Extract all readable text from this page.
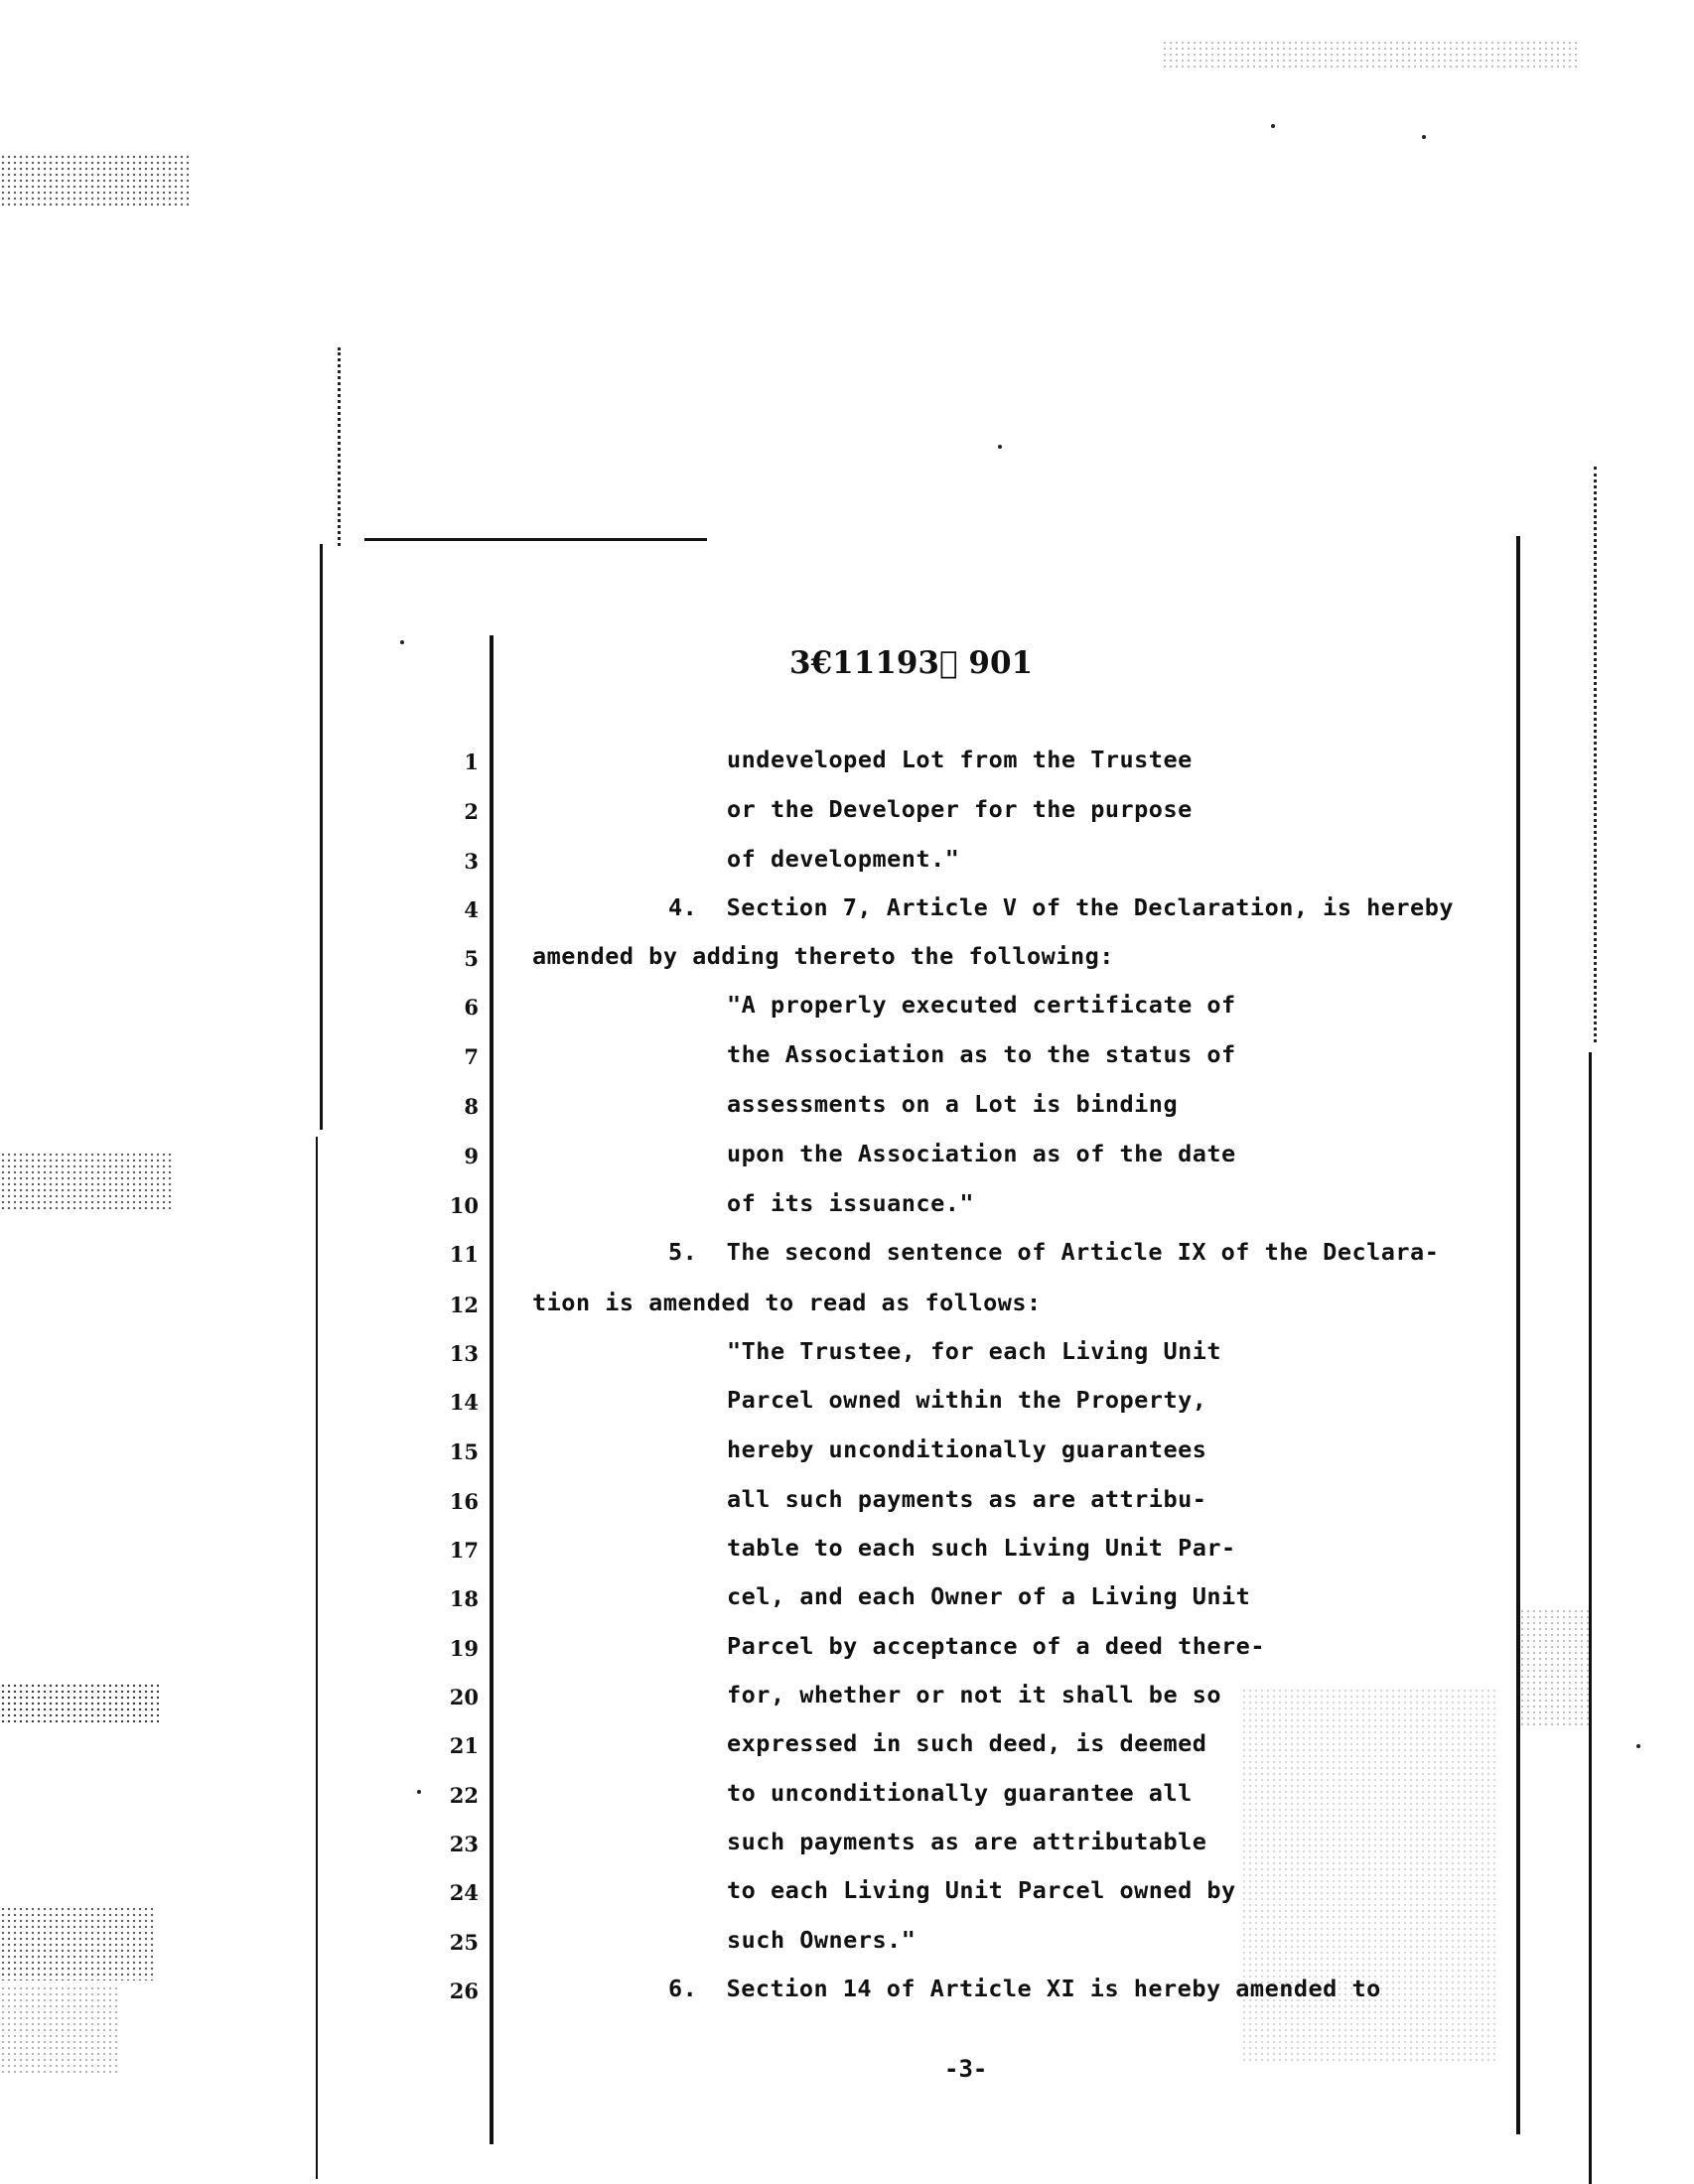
3€11193ٌ 901
1	undeveloped Lot from the Trustee
2	or the Developer for the purpose
3	of development."
4	4.  Section 7, Article V of the Declaration, is hereby
5 amended by adding thereto the following:
6	"A properly executed certificate of
7	the Association as to the status of
8	assessments on a Lot is binding
9	upon the Association as of the date
10	of its issuance."
11	5.  The second sentence of Article IX of the Declara-
12 tion is amended to read as follows:
13	"The Trustee, for each Living Unit
14	Parcel owned within the Property,
15	hereby unconditionally guarantees
16	all such payments as are attribu-
17	table to each such Living Unit Par-
18	cel, and each Owner of a Living Unit
19	Parcel by acceptance of a deed there-
20	for, whether or not it shall be so
21	expressed in such deed, is deemed
22	to unconditionally guarantee all
23	such payments as are attributable
24	to each Living Unit Parcel owned by
25	such Owners."
26	6.  Section 14 of Article XI is hereby amended to
-3-
